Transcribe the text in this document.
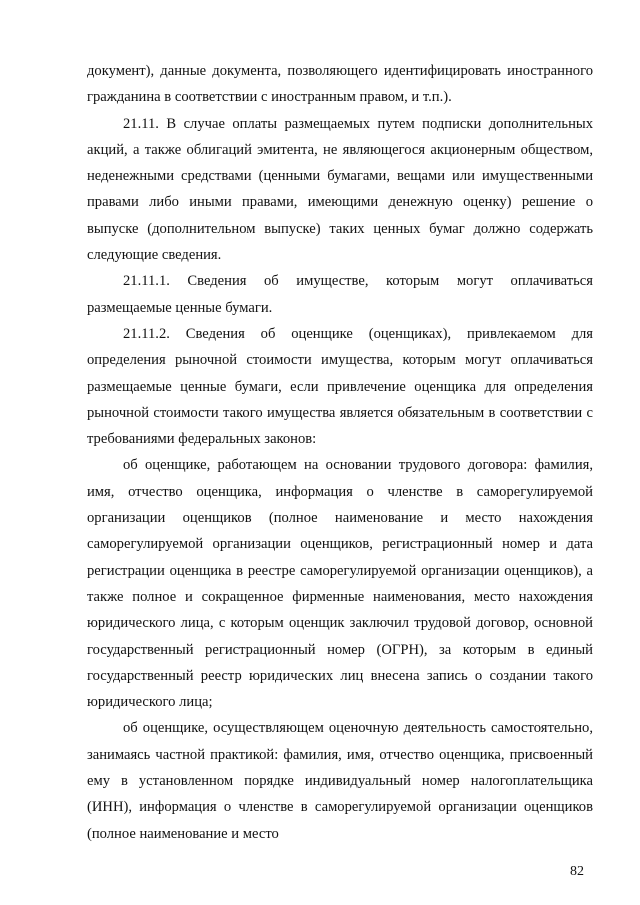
документ), данные документа, позволяющего идентифицировать иностранного гражданина в соответствии с иностранным правом, и т.п.).

21.11. В случае оплаты размещаемых путем подписки дополнительных акций, а также облигаций эмитента, не являющегося акционерным обществом, неденежными средствами (ценными бумагами, вещами или имущественными правами либо иными правами, имеющими денежную оценку) решение о выпуске (дополнительном выпуске) таких ценных бумаг должно содержать следующие сведения.

21.11.1. Сведения об имуществе, которым могут оплачиваться размещаемые ценные бумаги.

21.11.2. Сведения об оценщике (оценщиках), привлекаемом для определения рыночной стоимости имущества, которым могут оплачиваться размещаемые ценные бумаги, если привлечение оценщика для определения рыночной стоимости такого имущества является обязательным в соответствии с требованиями федеральных законов:

об оценщике, работающем на основании трудового договора: фамилия, имя, отчество оценщика, информация о членстве в саморегулируемой организации оценщиков (полное наименование и место нахождения саморегулируемой организации оценщиков, регистрационный номер и дата регистрации оценщика в реестре саморегулируемой организации оценщиков), а также полное и сокращенное фирменные наименования, место нахождения юридического лица, с которым оценщик заключил трудовой договор, основной государственный регистрационный номер (ОГРН), за которым в единый государственный реестр юридических лиц внесена запись о создании такого юридического лица;

об оценщике, осуществляющем оценочную деятельность самостоятельно, занимаясь частной практикой: фамилия, имя, отчество оценщика, присвоенный ему в установленном порядке индивидуальный номер налогоплательщика (ИНН), информация о членстве в саморегулируемой организации оценщиков (полное наименование и место

82
